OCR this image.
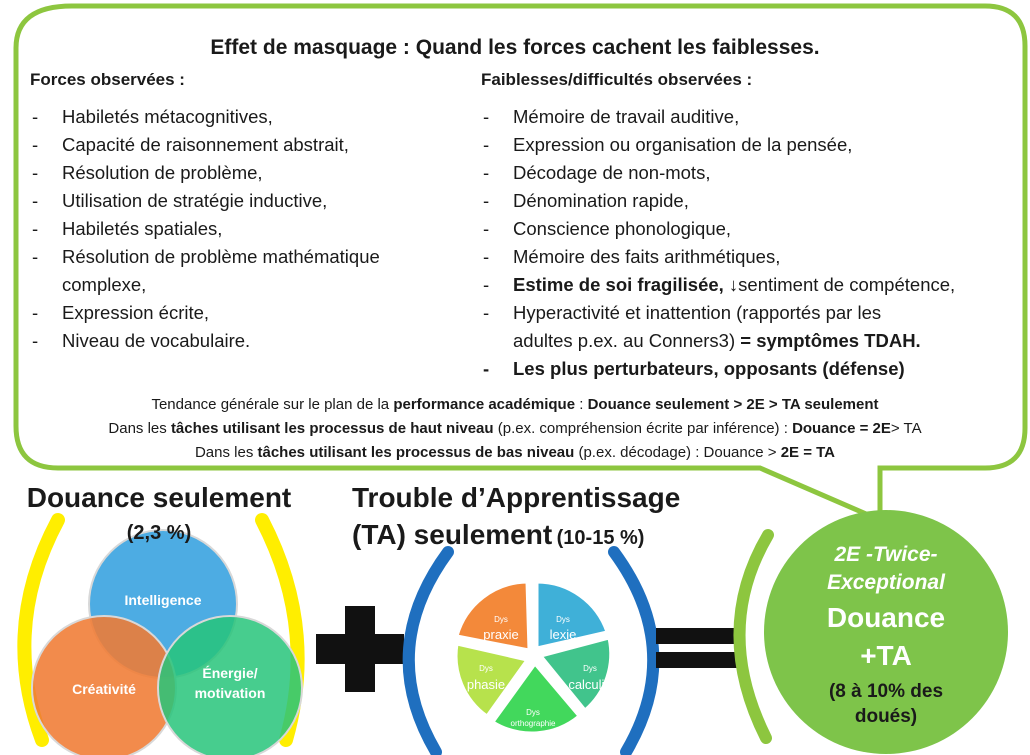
Effet de masquage : Quand les forces cachent les faiblesses.
Forces observées :	Faiblesses/difficultés observées :
- Habiletés métacognitives,
- Capacité de raisonnement abstrait,
- Résolution de problème,
- Utilisation de stratégie inductive,
- Habiletés spatiales,
- Résolution de problème mathématique
complexe,
- Expression écrite,
- Niveau de vocabulaire.
- Mémoire de travail auditive,
- Expression ou organisation de la pensée,
- Décodage de non-mots,
- Dénomination rapide,
- Conscience phonologique,
- Mémoire des faits arithmétiques,
- Estime de soi fragilisée, ↓sentiment de compétence,
- Hyperactivité et inattention (rapportés par les
adultes p.ex. au Conners3) = symptômes TDAH.
- Les plus perturbateurs, opposants (défense)
Tendance générale sur le plan de la performance académique : Douance seulement > 2E > TA seulement
Dans les tâches utilisant les processus de haut niveau (p.ex. compréhension écrite par inférence) : Douance = 2E> TA
Dans les tâches utilisant les processus de bas niveau (p.ex. décodage) : Douance > 2E = TA
Douance seulement
(2,3 %)
Intelligence
Créativité
Énergie/
motivation
Trouble d’Apprentissage
(TA) seulement (10-15 %)
Dys
lexie
Dys
calculie
Dys
orthographie
Dys
phasie
Dys
praxie
2E -Twice-
Exceptional
Douance
+TA
(8 à 10% des
doués)
